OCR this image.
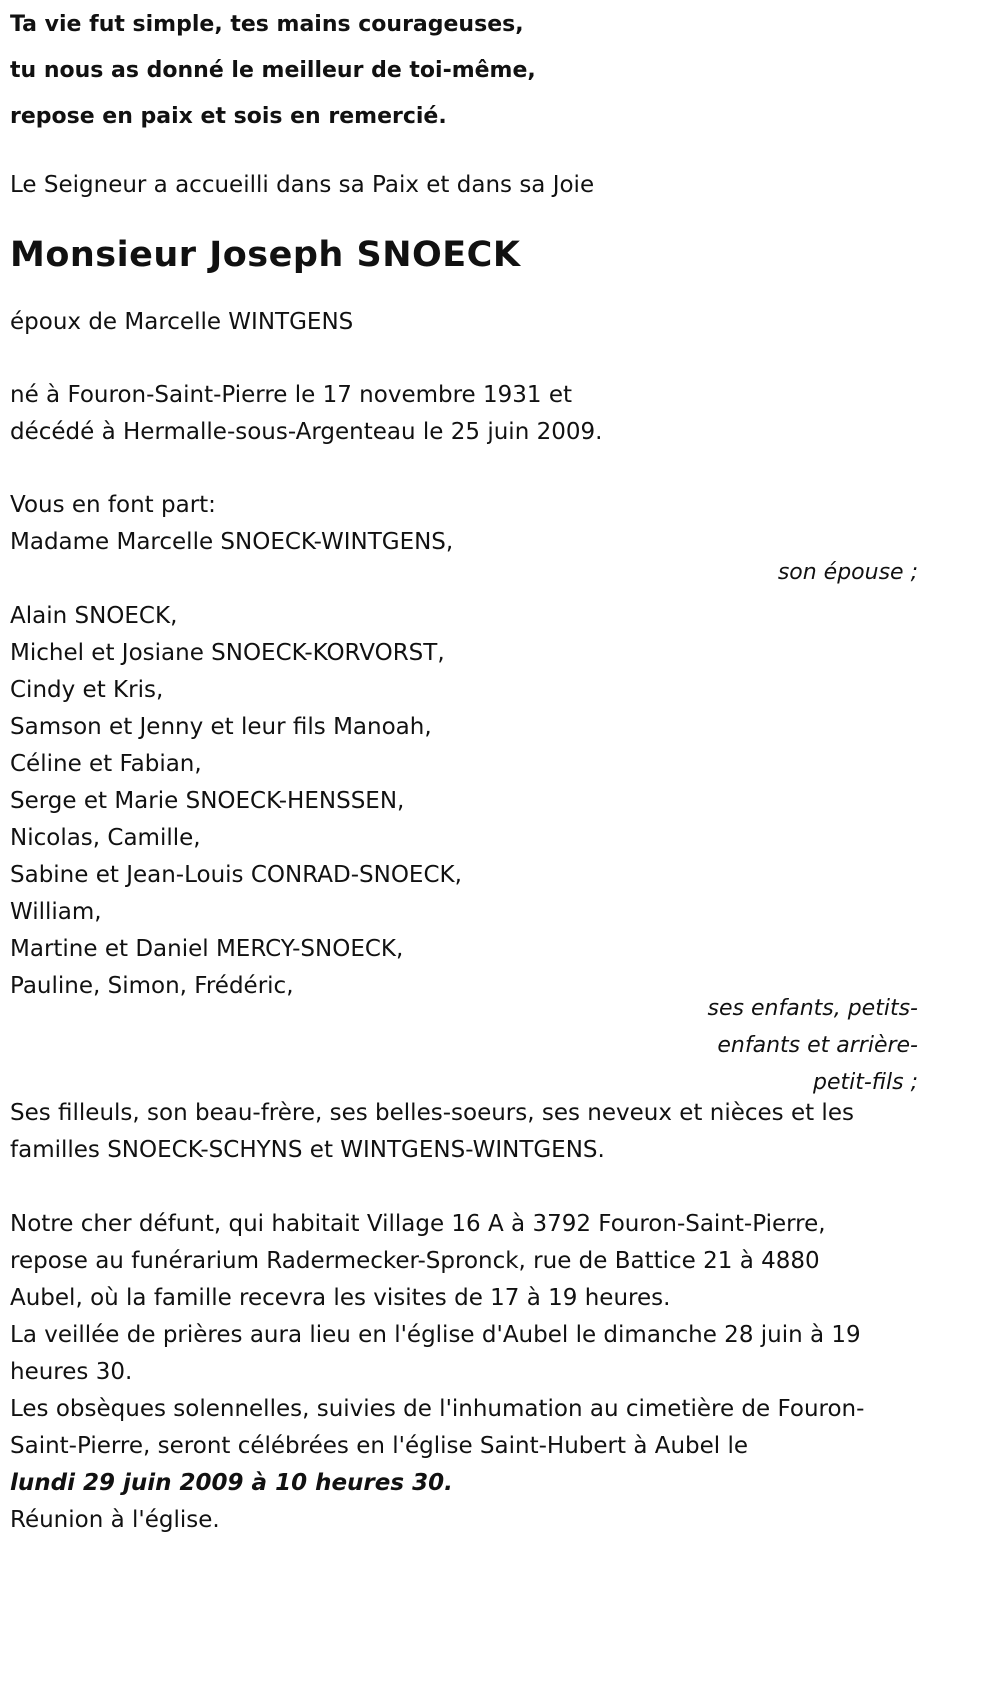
Ta vie fut simple, tes mains courageuses,
tu nous as donné le meilleur de toi-même,
repose en paix et sois en remercié.
Le Seigneur a accueilli dans sa Paix et dans sa Joie
Monsieur Joseph SNOECK
époux de Marcelle WINTGENS
né à Fouron-Saint-Pierre le 17 novembre 1931 et
décédé à Hermalle-sous-Argenteau le 25 juin 2009.
Vous en font part:
Madame Marcelle SNOECK-WINTGENS,
son épouse ;
Alain SNOECK,
Michel et Josiane SNOECK-KORVORST,
Cindy et Kris,
Samson et Jenny et leur fils Manoah,
Céline et Fabian,
Serge et Marie SNOECK-HENSSEN,
Nicolas, Camille,
Sabine et Jean-Louis CONRAD-SNOECK,
William,
Martine et Daniel MERCY-SNOECK,
Pauline, Simon, Frédéric,
ses enfants, petits-
enfants et arrière-
petit-fils ;
Ses filleuls, son beau-frère, ses belles-soeurs, ses neveux et nièces et les
familles SNOECK-SCHYNS et WINTGENS-WINTGENS.
Notre cher défunt, qui habitait Village 16 A à 3792 Fouron-Saint-Pierre,
repose au funérarium Radermecker-Spronck, rue de Battice 21 à 4880
Aubel, où la famille recevra les visites de 17 à 19 heures.
La veillée de prières aura lieu en l'église d'Aubel le dimanche 28 juin à 19
heures 30.
Les obsèques solennelles, suivies de l'inhumation au cimetière de Fouron-
Saint-Pierre, seront célébrées en l'église Saint-Hubert à Aubel le
lundi 29 juin 2009 à 10 heures 30.
Réunion à l'église.
